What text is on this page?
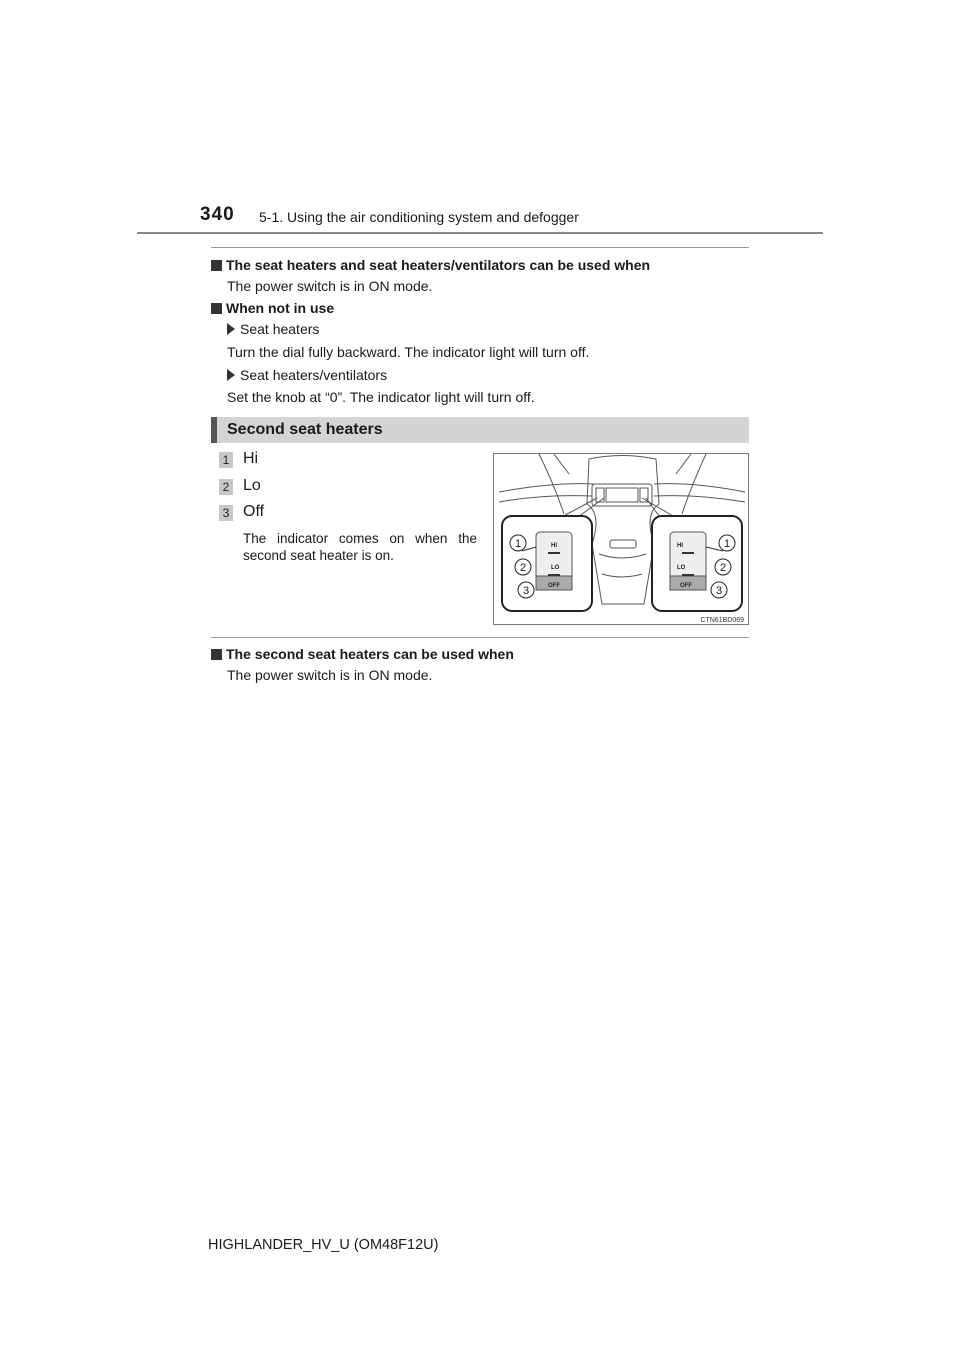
340 5-1. Using the air conditioning system and defogger
The seat heaters and seat heaters/ventilators can be used when
The power switch is in ON mode.
When not in use
Seat heaters
Turn the dial fully backward. The indicator light will turn off.
Seat heaters/ventilators
Set the knob at “0”. The indicator light will turn off.
Second seat heaters
1 Hi
2 Lo
3 Off
The indicator comes on when the second seat heater is on.
HI
LO
OFF
HI
LO
OFF
1
2
3
1
2
3
CTN61BD069
The second seat heaters can be used when
The power switch is in ON mode.
HIGHLANDER_HV_U (OM48F12U)
